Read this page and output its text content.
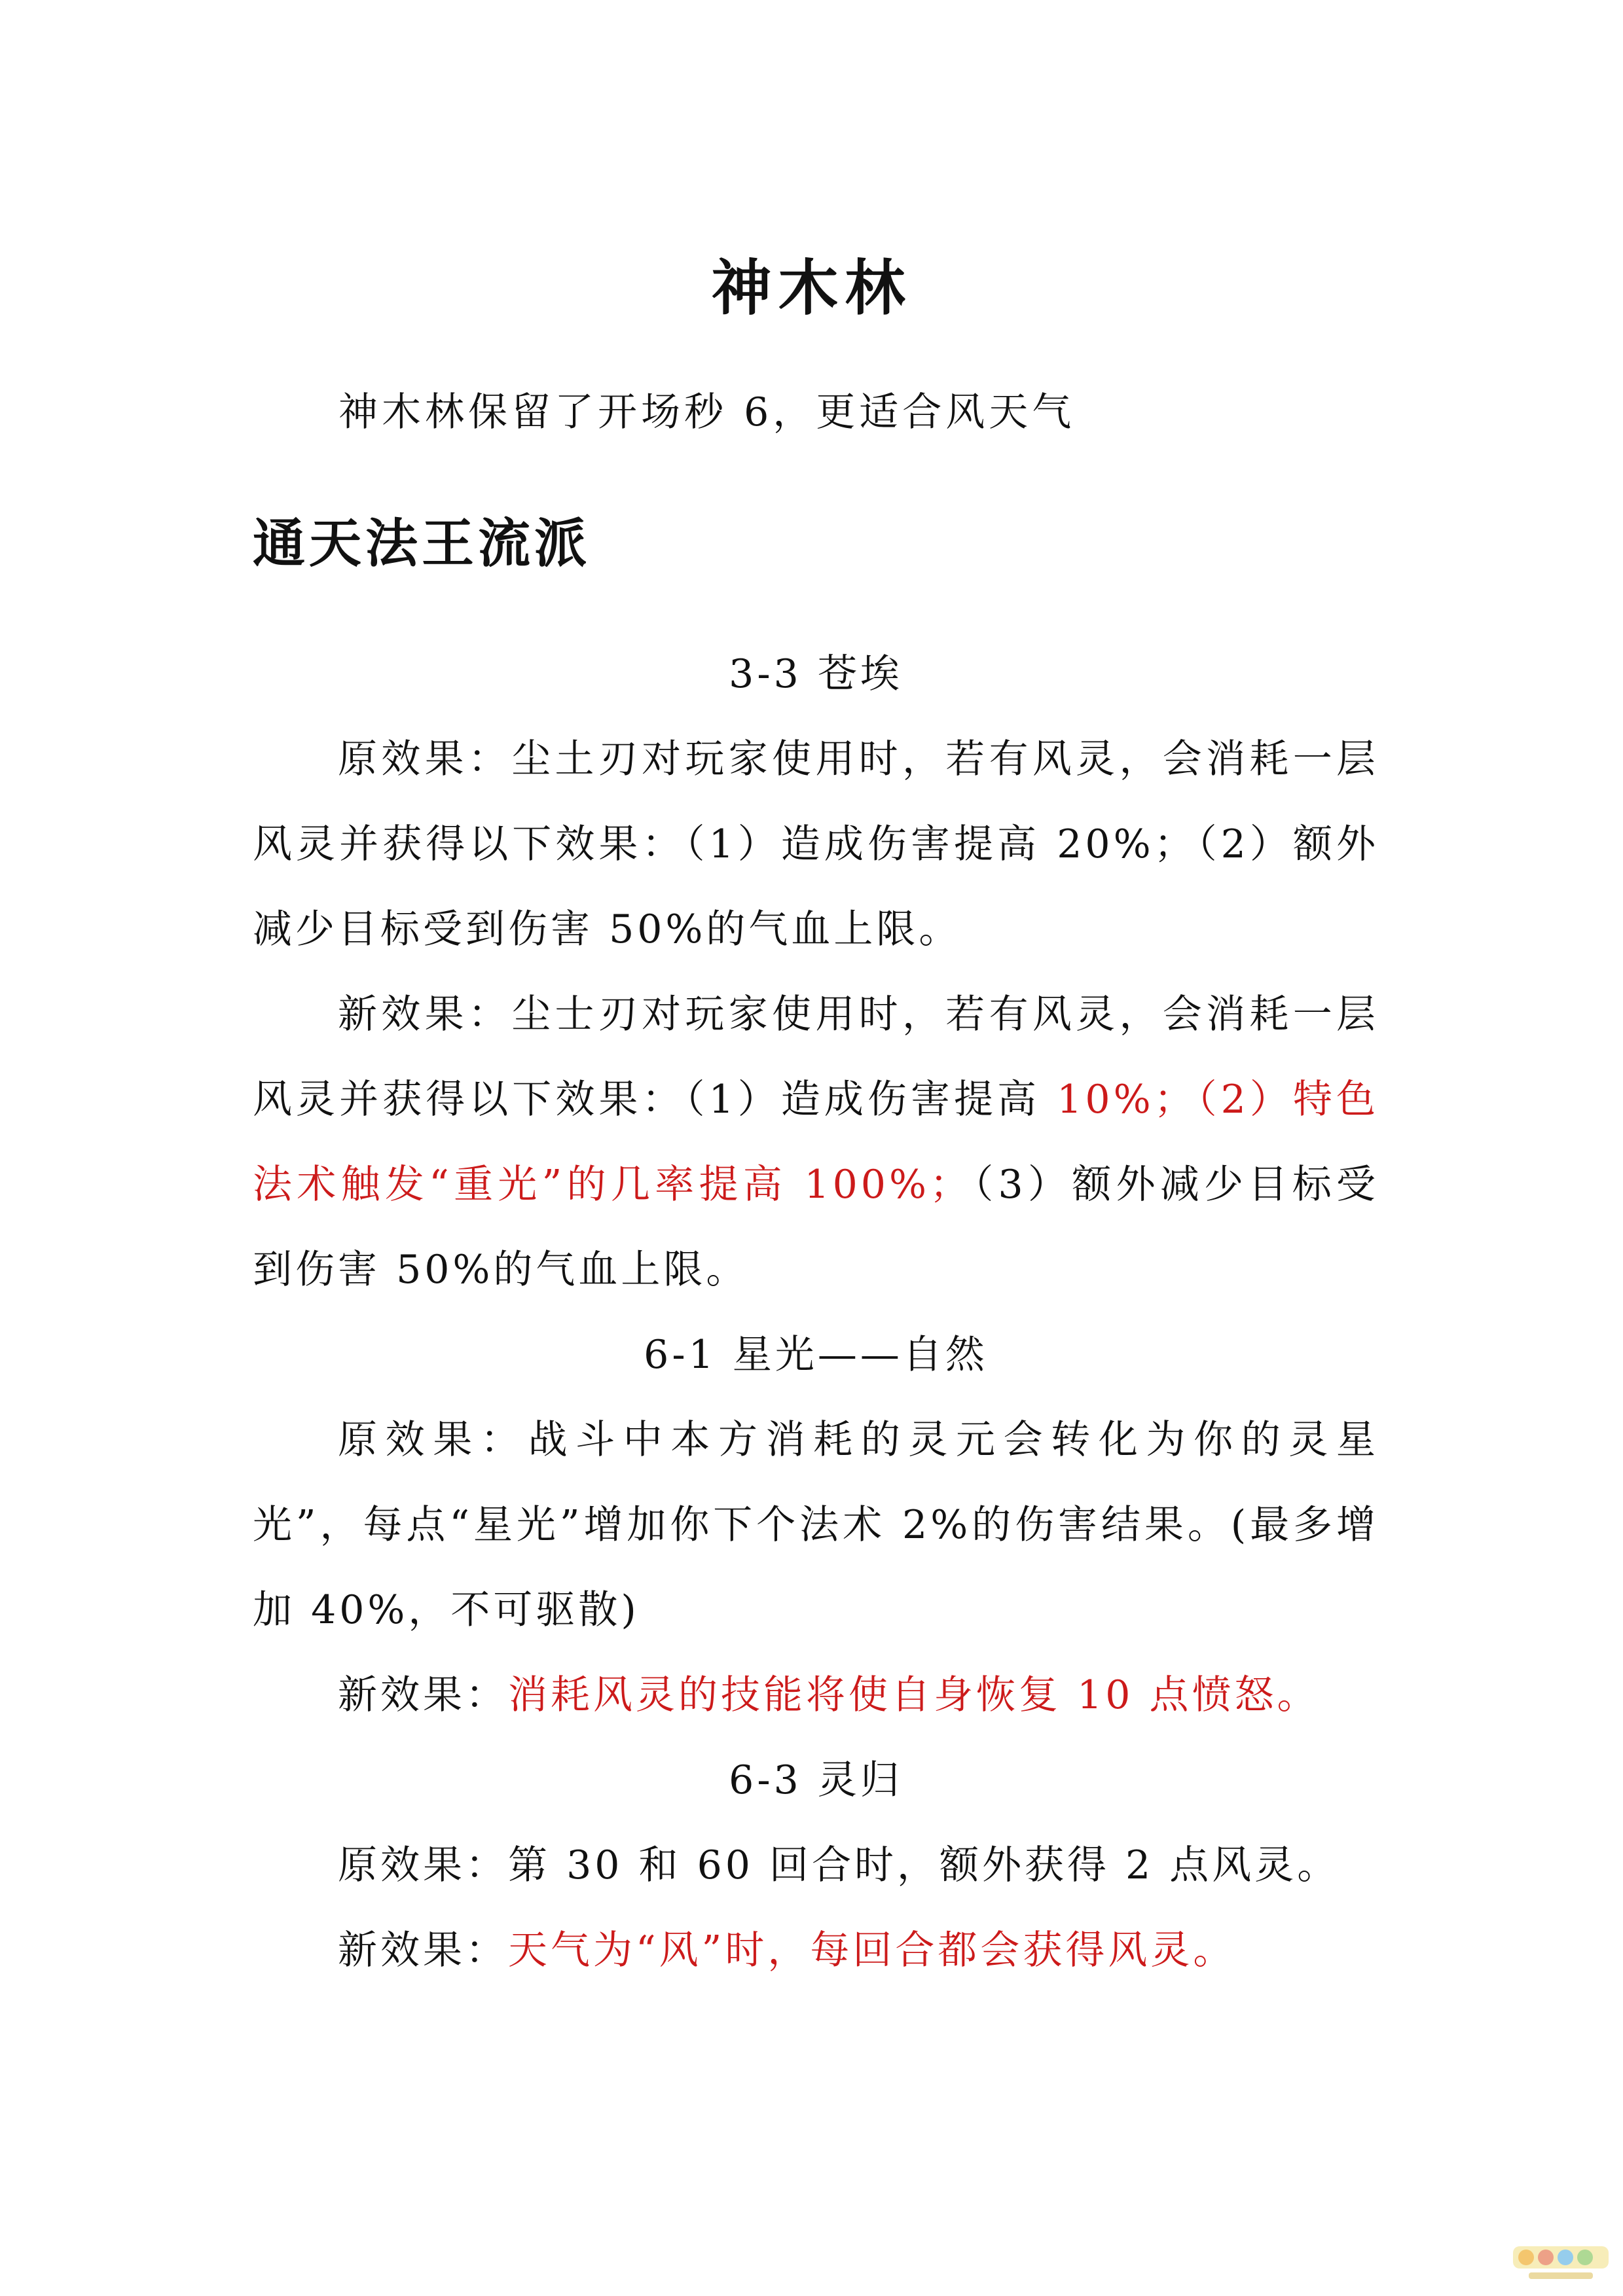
神木林
神木林保留了开场秒 6，更适合风天气
通天法王流派
3-3 苍埃

原效果：尘土刃对玩家使用时，若有风灵，会消耗一层风灵并获得以下效果：（1）造成伤害提高 20%；（2）额外减少目标受到伤害 50%的气血上限。

新效果：尘士刃对玩家使用时，若有风灵，会消耗一层风灵并获得以下效果：（1）造成伤害提高 10%；（2）特色法术触发“重光”的几率提高 100%；（3）额外减少目标受到伤害 50%的气血上限。

6-1 星光——自然

原效果：战斗中本方消耗的灵元会转化为你的灵星光”，每点“星光”增加你下个法术 2%的伤害结果。(最多增加 40%，不可驱散)

新效果：消耗风灵的技能将使自身恢复 10 点愤怒。

6-3 灵归

原效果：第 30 和 60 回合时，额外获得 2 点风灵。

新效果：天气为“风”时，每回合都会获得风灵。
